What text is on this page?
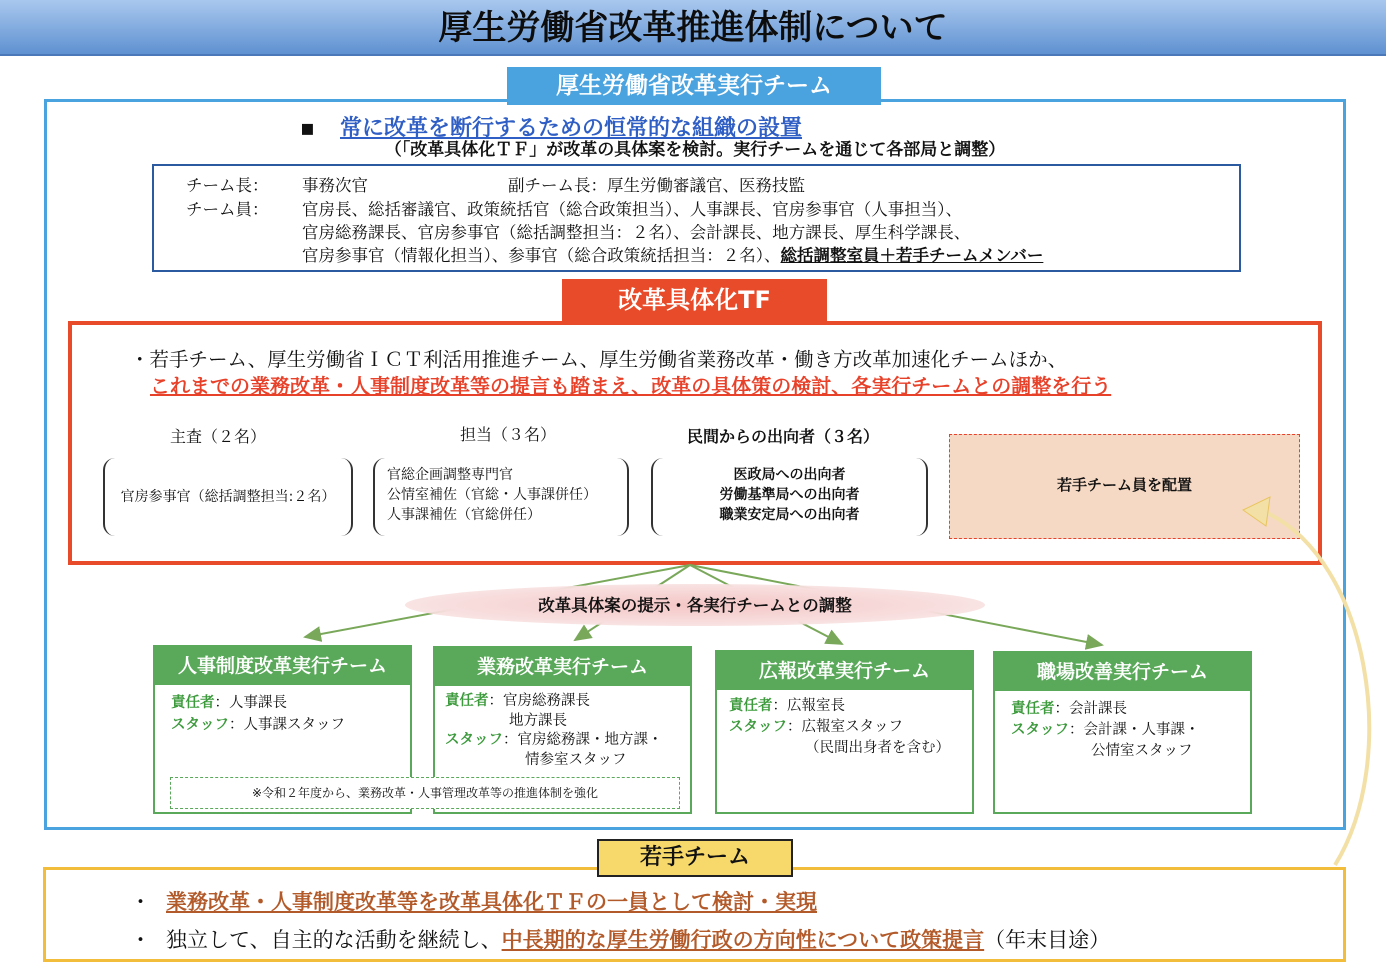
厚生労働省改革推進体制について
厚生労働省改革実行チーム
▪ 常に改革を断行するための恒常的な組織の設置
（「改革具体化ＴＦ」が改革の具体案を検討。実行チームを通じて各部局と調整）
チーム長： 事務次官	副チーム長：厚生労働審議官、医務技監
チーム員： 官房長、総括審議官、政策統括官（総合政策担当）、人事課長、官房参事官（人事担当）、
官房総務課長、官房参事官（総括調整担当：２名）、会計課長、地方課長、厚生科学課長、
官房参事官（情報化担当）、参事官（総合政策統括担当：２名）、総括調整室員＋若手チームメンバー
改革具体化TF
・若手チーム、厚生労働省ＩＣＴ利活用推進チーム、厚生労働省業務改革・働き方改革加速化チームほか、
これまでの業務改革・人事制度改革等の提言も踏まえ、改革の具体策の検討、各実行チームとの調整を行う
主査（２名）
官房参事官（総括調整担当:２名）
担当（３名）
官総企画調整専門官
公情室補佐（官総・人事課併任）
人事課補佐（官総併任）
民間からの出向者（３名）
医政局への出向者
労働基準局への出向者
職業安定局への出向者
若手チーム員を配置
改革具体案の提示・各実行チームとの調整
人事制度改革実行チーム
責任者：人事課長
スタッフ：人事課スタッフ
業務改革実行チーム
責任者：官房総務課長
地方課長
スタッフ：官房総務課・地方課・
情参室スタッフ
広報改革実行チーム
責任者：広報室長
スタッフ：広報室スタッフ
（民間出身者を含む）
職場改善実行チーム
責任者：会計課長
スタッフ：会計課・人事課・
公情室スタッフ
※令和２年度から、業務改革・人事管理改革等の推進体制を強化
若手チーム
・ 業務改革・人事制度改革等を改革具体化ＴＦの一員として検討・実現
・ 独立して、自主的な活動を継続し、中長期的な厚生労働行政の方向性について政策提言（年末目途）
